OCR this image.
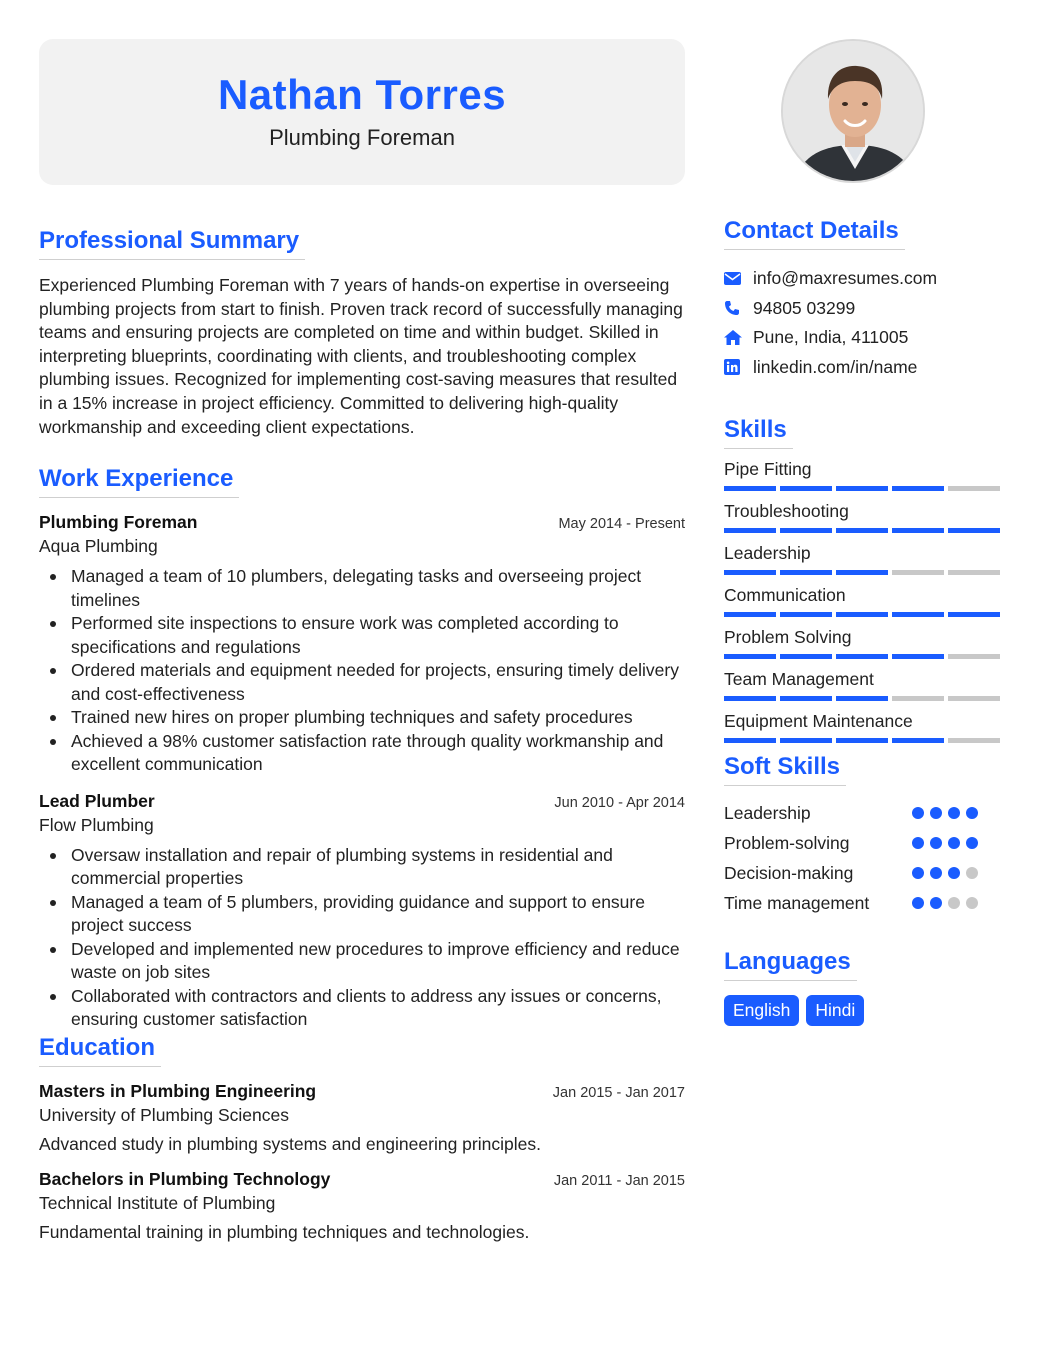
Nathan Torres
Plumbing Foreman
Professional Summary

Experienced Plumbing Foreman with 7 years of hands-on expertise in overseeing plumbing projects from start to finish. Proven track record of successfully managing teams and ensuring projects are completed on time and within budget. Skilled in interpreting blueprints, coordinating with clients, and troubleshooting complex plumbing issues. Recognized for implementing cost-saving measures that resulted in a 15% increase in project efficiency. Committed to delivering high-quality workmanship and exceeding client expectations.

Work Experience
Plumbing Foreman	May 2014 - Present
Aqua Plumbing
Managed a team of 10 plumbers, delegating tasks and overseeing project timelines
Performed site inspections to ensure work was completed according to specifications and regulations
Ordered materials and equipment needed for projects, ensuring timely delivery and cost-effectiveness
Trained new hires on proper plumbing techniques and safety procedures
Achieved a 98% customer satisfaction rate through quality workmanship and excellent communication
Lead Plumber	Jun 2010 - Apr 2014
Flow Plumbing
Oversaw installation and repair of plumbing systems in residential and commercial properties
Managed a team of 5 plumbers, providing guidance and support to ensure project success
Developed and implemented new procedures to improve efficiency and reduce waste on job sites
Collaborated with contractors and clients to address any issues or concerns, ensuring customer satisfaction
Education
Masters in Plumbing Engineering	Jan 2015 - Jan 2017
University of Plumbing Sciences
Advanced study in plumbing systems and engineering principles.
Bachelors in Plumbing Technology	Jan 2011 - Jan 2015
Technical Institute of Plumbing
Fundamental training in plumbing techniques and technologies.
Contact Details
info@maxresumes.com
94805 03299
Pune, India, 411005
linkedin.com/in/name
Skills
Pipe Fitting
Troubleshooting
Leadership
Communication
Problem Solving
Team Management
Equipment Maintenance
Soft Skills
Leadership
Problem-solving
Decision-making
Time management
Languages
English	Hindi
